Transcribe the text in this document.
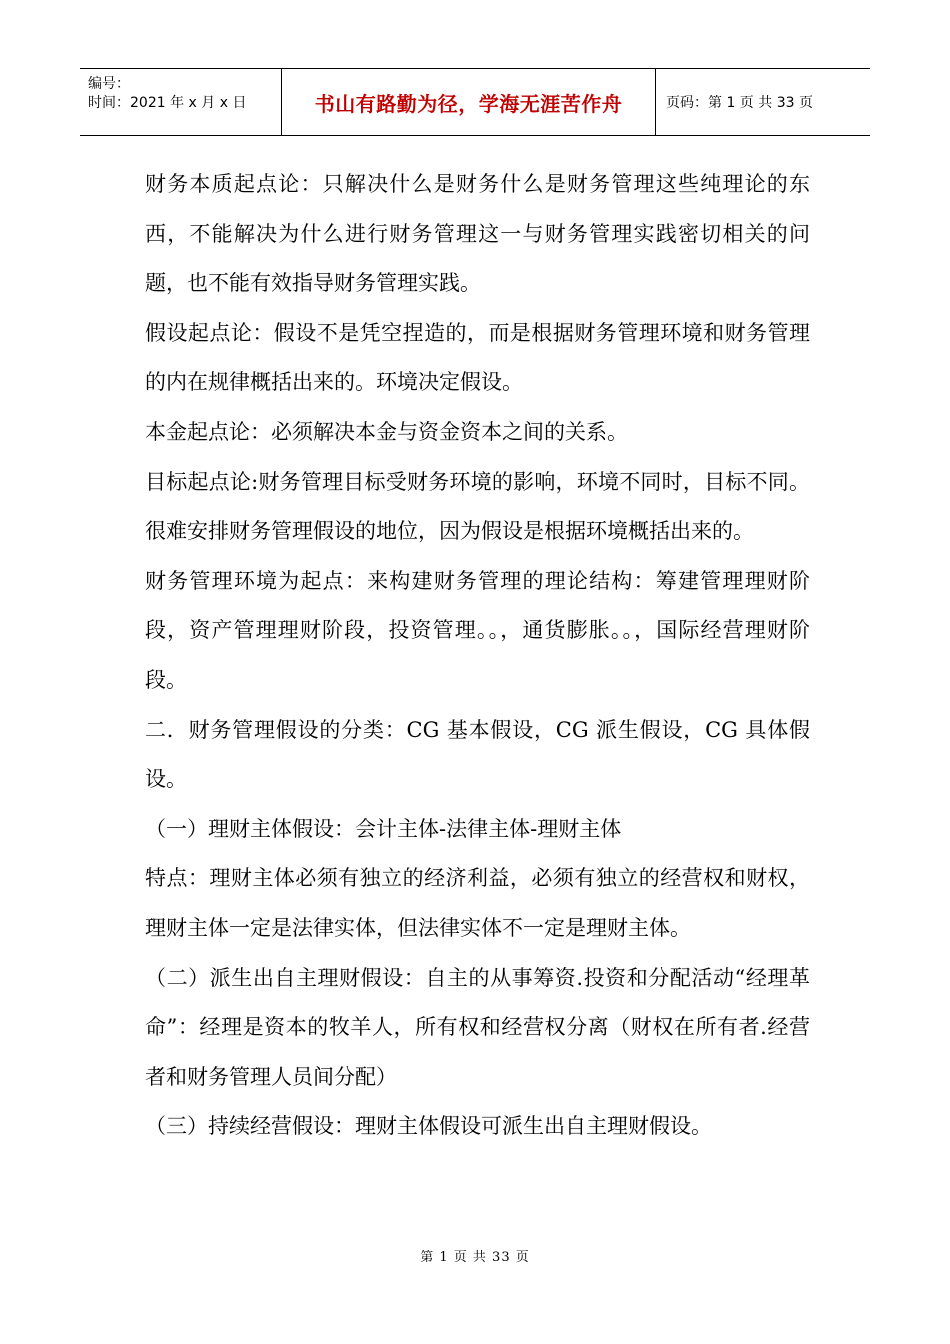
编号：
时间：2021 年 x 月 x 日	书山有路勤为径，学海无涯苦作舟	页码：第 1 页 共 33 页

财务本质起点论：只解决什么是财务什么是财务管理这些纯理论的东西，不能解决为什么进行财务管理这一与财务管理实践密切相关的问题，也不能有效指导财务管理实践。

假设起点论：假设不是凭空捏造的，而是根据财务管理环境和财务管理的内在规律概括出来的。环境决定假设。

本金起点论：必须解决本金与资金资本之间的关系。

目标起点论:财务管理目标受财务环境的影响，环境不同时，目标不同。很难安排财务管理假设的地位，因为假设是根据环境概括出来的。

财务管理环境为起点：来构建财务管理的理论结构：筹建管理理财阶段，资产管理理财阶段，投资管理。。，通货膨胀。。，国际经营理财阶段。

二．财务管理假设的分类：CG 基本假设，CG 派生假设，CG 具体假设。

（一）理财主体假设：会计主体-法律主体-理财主体

特点：理财主体必须有独立的经济利益，必须有独立的经营权和财权，理财主体一定是法律实体，但法律实体不一定是理财主体。

（二）派生出自主理财假设：自主的从事筹资.投资和分配活动“经理革命”：经理是资本的牧羊人，所有权和经营权分离（财权在所有者.经营者和财务管理人员间分配）

（三）持续经营假设：理财主体假设可派生出自主理财假设。

第 1 页 共 33 页
